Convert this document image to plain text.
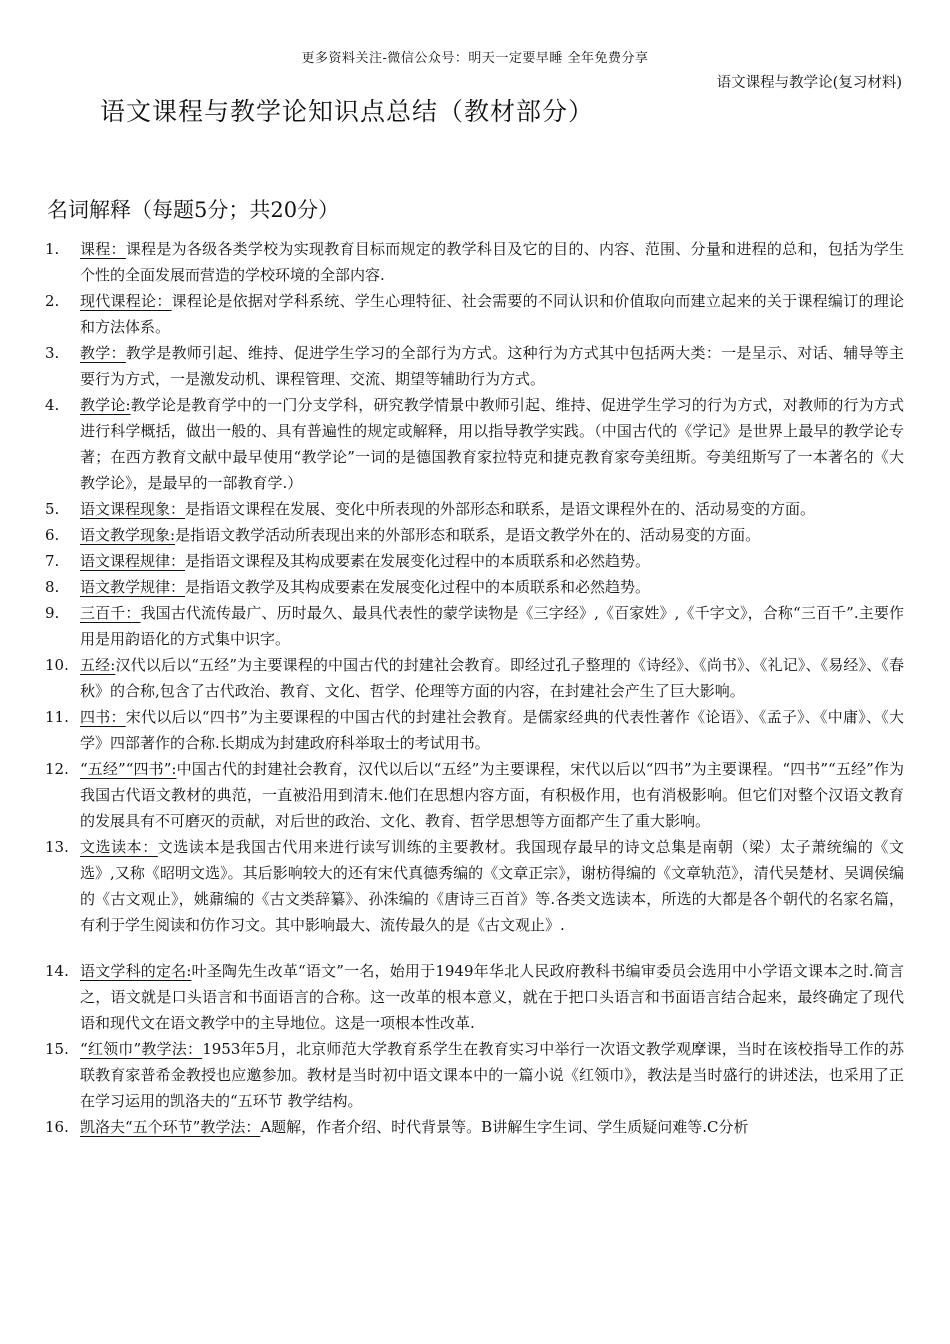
更多资料关注-微信公众号：明天一定要早睡 全年免费分享
语文课程与教学论(复习材料)
语文课程与教学论知识点总结（教材部分）
名词解释（每题5分；共20分）
1. 课程：课程是为各级各类学校为实现教育目标而规定的教学科目及它的目的、内容、范围、分量和进程的总和，包括为学生个性的全面发展而营造的学校环境的全部内容.
2. 现代课程论：课程论是依据对学科系统、学生心理特征、社会需要的不同认识和价值取向而建立起来的关于课程编订的理论和方法体系。
3. 教学：教学是教师引起、维持、促进学生学习的全部行为方式。这种行为方式其中包括两大类：一是呈示、对话、辅导等主要行为方式，一是激发动机、课程管理、交流、期望等辅助行为方式。
4. 教学论:教学论是教育学中的一门分支学科，研究教学情景中教师引起、维持、促进学生学习的行为方式，对教师的行为方式进行科学概括，做出一般的、具有普遍性的规定或解释，用以指导教学实践。（中国古代的《学记》是世界上最早的教学论专著；在西方教育文献中最早使用“教学论”一词的是德国教育家拉特克和捷克教育家夸美纽斯。夸美纽斯写了一本著名的《大教学论》，是最早的一部教育学.）
5. 语文课程现象：是指语文课程在发展、变化中所表现的外部形态和联系，是语文课程外在的、活动易变的方面。
6. 语文教学现象:是指语文教学活动所表现出来的外部形态和联系，是语文教学外在的、活动易变的方面。
7. 语文课程规律：是指语文课程及其构成要素在发展变化过程中的本质联系和必然趋势。
8. 语文教学规律：是指语文教学及其构成要素在发展变化过程中的本质联系和必然趋势。
9. 三百千：我国古代流传最广、历时最久、最具代表性的蒙学读物是《三字经》,《百家姓》,《千字文》，合称“三百千”.主要作用是用韵语化的方式集中识字。
10. 五经:汉代以后以“五经”为主要课程的中国古代的封建社会教育。即经过孔子整理的《诗经》、《尚书》、《礼记》、《易经》、《春秋》的合称,包含了古代政治、教育、文化、哲学、伦理等方面的内容，在封建社会产生了巨大影响。
11. 四书：宋代以后以“四书”为主要课程的中国古代的封建社会教育。是儒家经典的代表性著作《论语》、《孟子》、《中庸》、《大学》四部著作的合称.长期成为封建政府科举取士的考试用书。
12. “五经”“四书”:中国古代的封建社会教育，汉代以后以“五经”为主要课程，宋代以后以“四书”为主要课程。“四书”“五经”作为我国古代语文教材的典范，一直被沿用到清末.他们在思想内容方面，有积极作用，也有消极影响。但它们对整个汉语文教育的发展具有不可磨灭的贡献，对后世的政治、文化、教育、哲学思想等方面都产生了重大影响。
13. 文选读本：文选读本是我国古代用来进行读写训练的主要教材。我国现存最早的诗文总集是南朝（梁）太子萧统编的《文选》,又称《昭明文选》。其后影响较大的还有宋代真德秀编的《文章正宗》，谢枋得编的《文章轨范》，清代吴楚材、吴调侯编的《古文观止》，姚鼐编的《古文类辞纂》、孙洙编的《唐诗三百首》等.各类文选读本，所选的大都是各个朝代的名家名篇，有利于学生阅读和仿作习文。其中影响最大、流传最久的是《古文观止》.
14. 语文学科的定名:叶圣陶先生改革“语文”一名，始用于1949年华北人民政府教科书编审委员会选用中小学语文课本之时.简言之，语文就是口头语言和书面语言的合称。这一改革的根本意义，就在于把口头语言和书面语言结合起来，最终确定了现代语和现代文在语文教学中的主导地位。这是一项根本性改革.
15. “红领巾”教学法：1953年5月，北京师范大学教育系学生在教育实习中举行一次语文教学观摩课，当时在该校指导工作的苏联教育家普希金教授也应邀参加。教材是当时初中语文课本中的一篇小说《红领巾》，教法是当时盛行的讲述法，也采用了正在学习运用的凯洛夫的“五环节 教学结构。
16. 凯洛夫“五个环节”教学法：A题解，作者介绍、时代背景等。B讲解生字生词、学生质疑问难等.C分析
